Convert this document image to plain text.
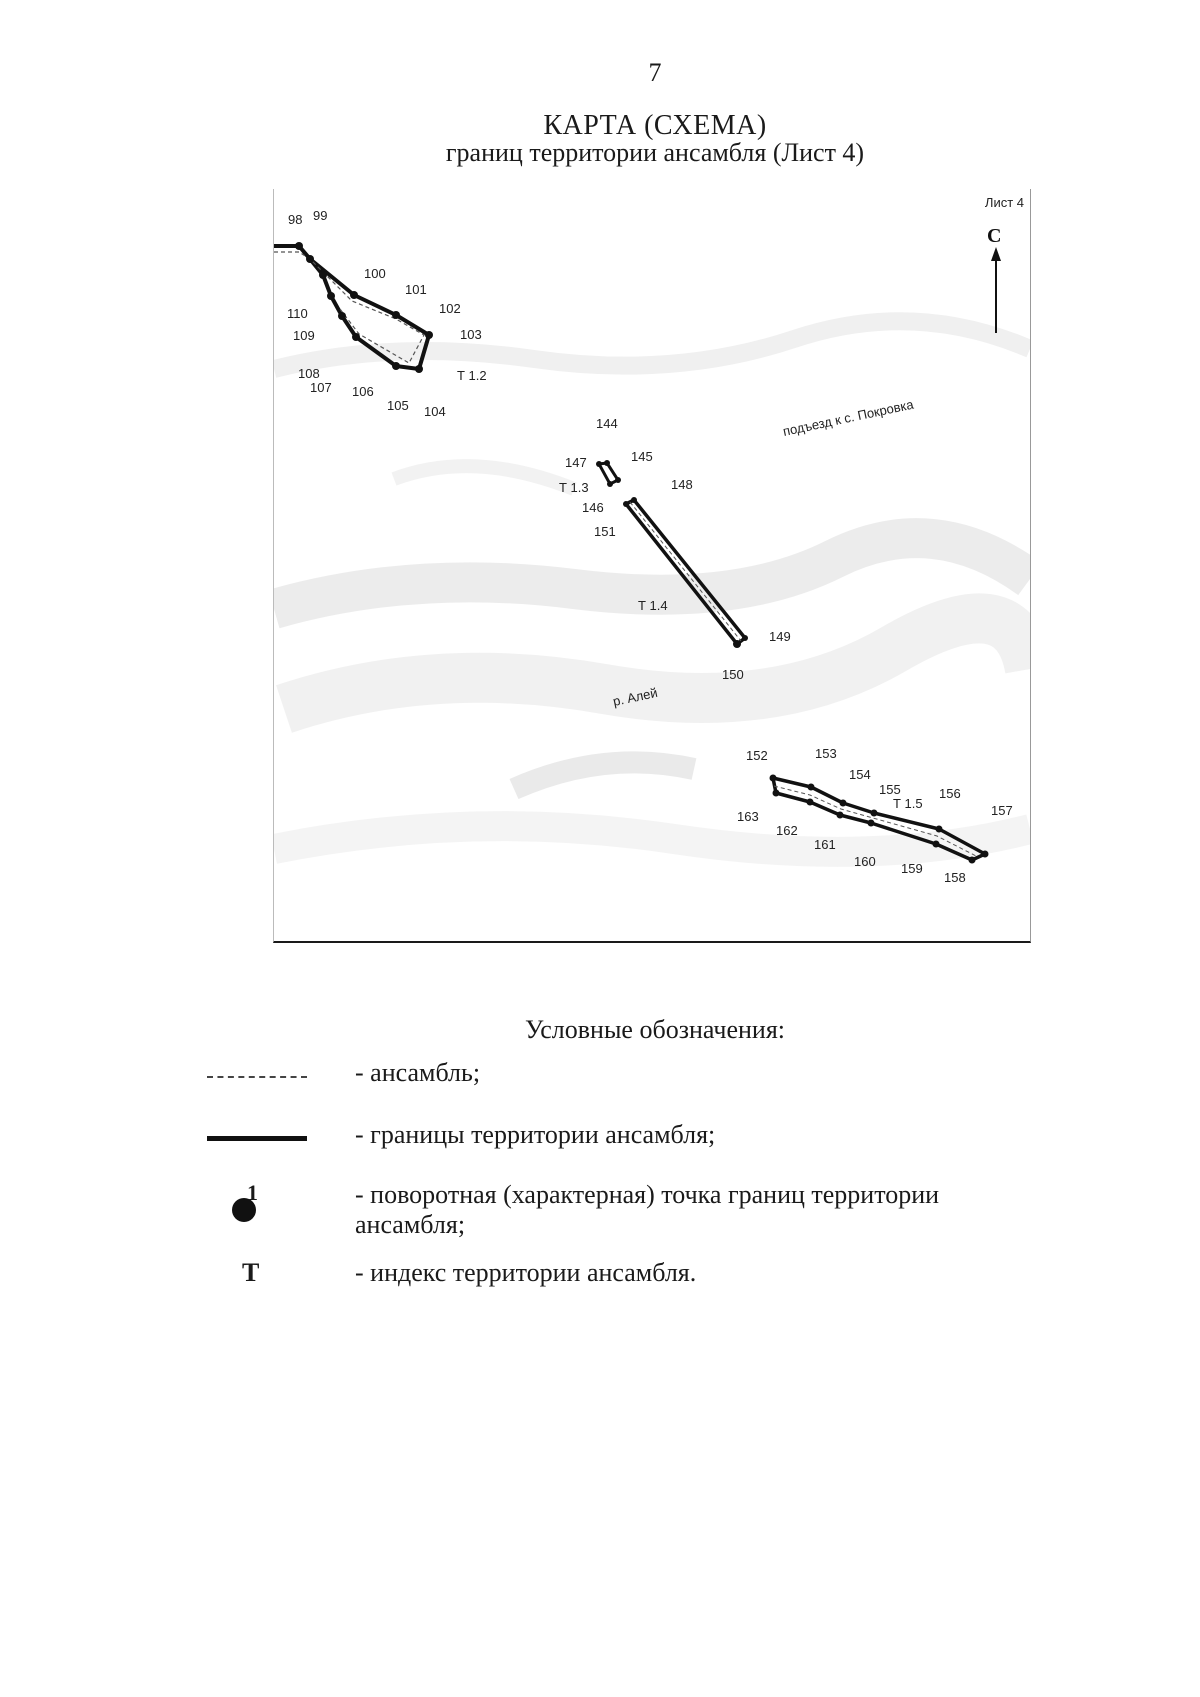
7
КАРТА (СХЕМА)
границ территории ансамбля (Лист 4)
98 99
100
101
102
103
104
105
106
107
108
109
110
Т 1.2
144
147	145
Т 1.3
146
148
151
Т 1.4
149
150
152	153
154
155
Т 1.5
156
157
158
159
160
161
162
163
подъезд к с. Покровка
р. Алей
Лист 4
С
Условные обозначения:
- ансамбль;
- границы территории ансамбля;
1	- поворотная (характерная) точка границ территории ансамбля;
Т	- индекс территории ансамбля.
